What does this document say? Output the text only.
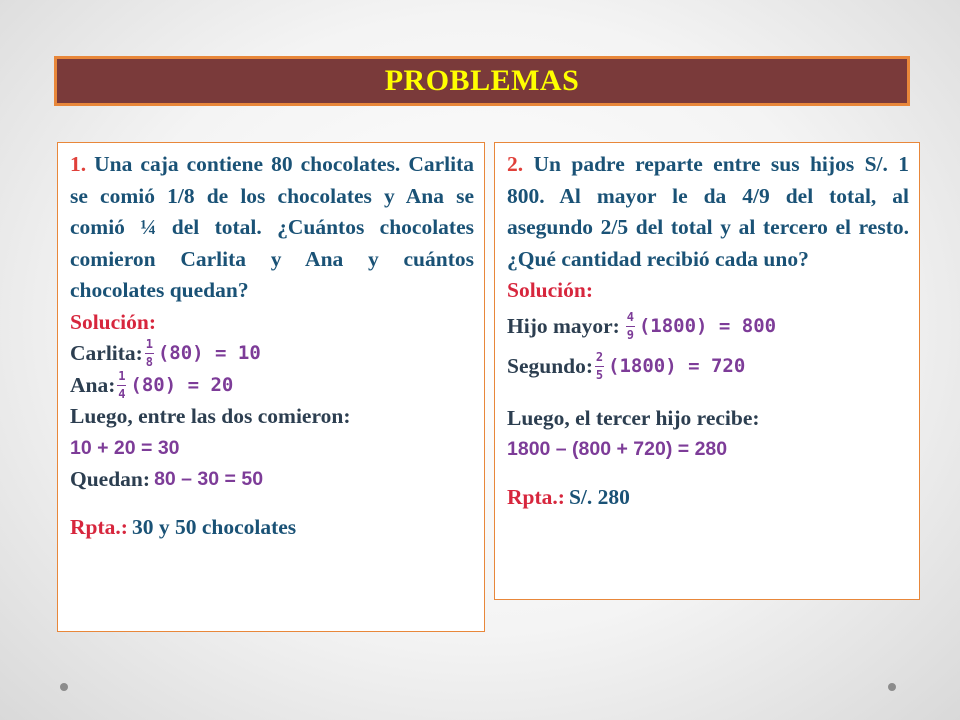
PROBLEMAS
1. Una caja contiene 80 chocolates. Carlita se comió 1/8 de los chocolates y Ana se comió ¼ del total. ¿Cuántos chocolates comieron Carlita y Ana y cuántos chocolates quedan?
Solución:
Carlita: $\frac{1}{8} (80) = 10$
Ana: $\frac{1}{4} (80) = 20$
Luego, entre las dos comieron:
10 + 20 = 30
Quedan: 80 – 30 = 50
Rpta.: 30 y 50 chocolates
2. Un padre reparte entre sus hijos S/. 1 800. Al mayor le da 4/9 del total, al asegundo 2/5 del total y al tercero el resto. ¿Qué cantidad recibió cada uno?
Solución:
Hijo mayor: $\frac{4}{9} (1800) = 800$
Segundo: $\frac{2}{5} (1800) = 720$
Luego, el tercer hijo recibe:
1800 – (800 + 720) = 280
Rpta.: S/. 280
